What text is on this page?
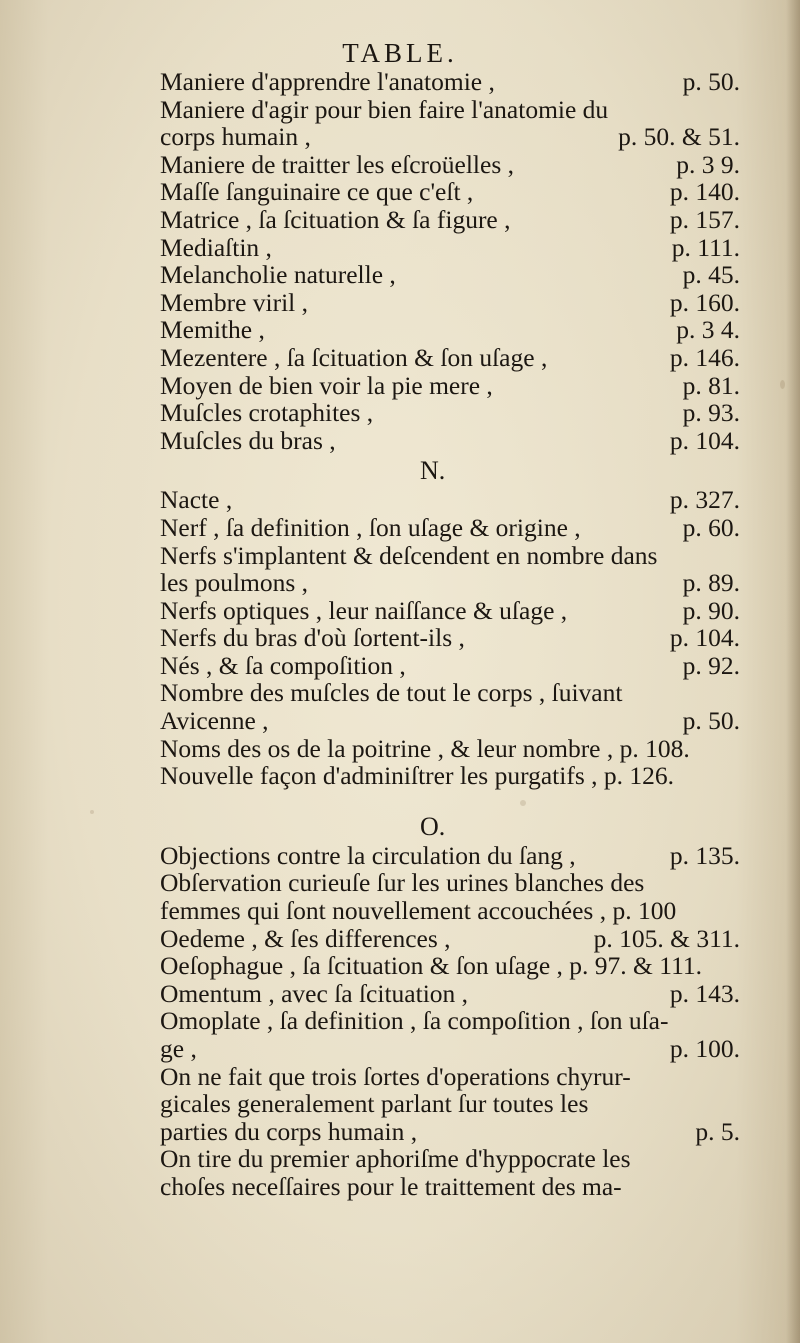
TABLE.
Maniere d'apprendre l'anatomie ,	p. 50.
Maniere d'agir pour bien faire l'anatomie du
corps humain ,	p. 50. & 51.
Maniere de traitter les eſcroüelles ,	p. 3 9.
Maſſe ſanguinaire ce que c'eſt ,	p. 140.
Matrice , ſa ſcituation & ſa figure ,	p. 157.
Mediaſtin ,	p. 111.
Melancholie naturelle ,	p. 45.
Membre viril ,	p. 160.
Memithe ,	p. 3 4.
Mezentere , ſa ſcituation & ſon uſage ,	p. 146.
Moyen de bien voir la pie mere ,	p. 81.
Muſcles crotaphites ,	p. 93.
Muſcles du bras ,	p. 104.
N.
Nacte ,	p. 327.
Nerf , ſa definition , ſon uſage & origine ,	p. 60.
Nerfs s'implantent & deſcendent en nombre dans
les poulmons ,	p. 89.
Nerfs optiques , leur naiſſance & uſage ,	p. 90.
Nerfs du bras d'où ſortent-ils ,	p. 104.
Nés , & ſa compoſition ,	p. 92.
Nombre des muſcles de tout le corps , ſuivant
Avicenne ,	p. 50.
Noms des os de la poitrine , & leur nombre , p. 108.
Nouvelle façon d'adminiſtrer les purgatifs , p. 126.
O.
Objections contre la circulation du ſang ,	p. 135.
Obſervation curieuſe ſur les urines blanches des
femmes qui ſont nouvellement accouchées , p. 100
Oedeme , & ſes differences ,	p. 105. & 311.
Oeſophague , ſa ſcituation & ſon uſage , p. 97. & 111.
Omentum , avec ſa ſcituation ,	p. 143.
Omoplate , ſa definition , ſa compoſition , ſon uſa-
ge ,	p. 100.
On ne fait que trois ſortes d'operations chyrur-
gicales generalement parlant ſur toutes les
parties du corps humain ,	p. 5.
On tire du premier aphoriſme d'hyppocrate les
choſes neceſſaires pour le traittement des ma-
